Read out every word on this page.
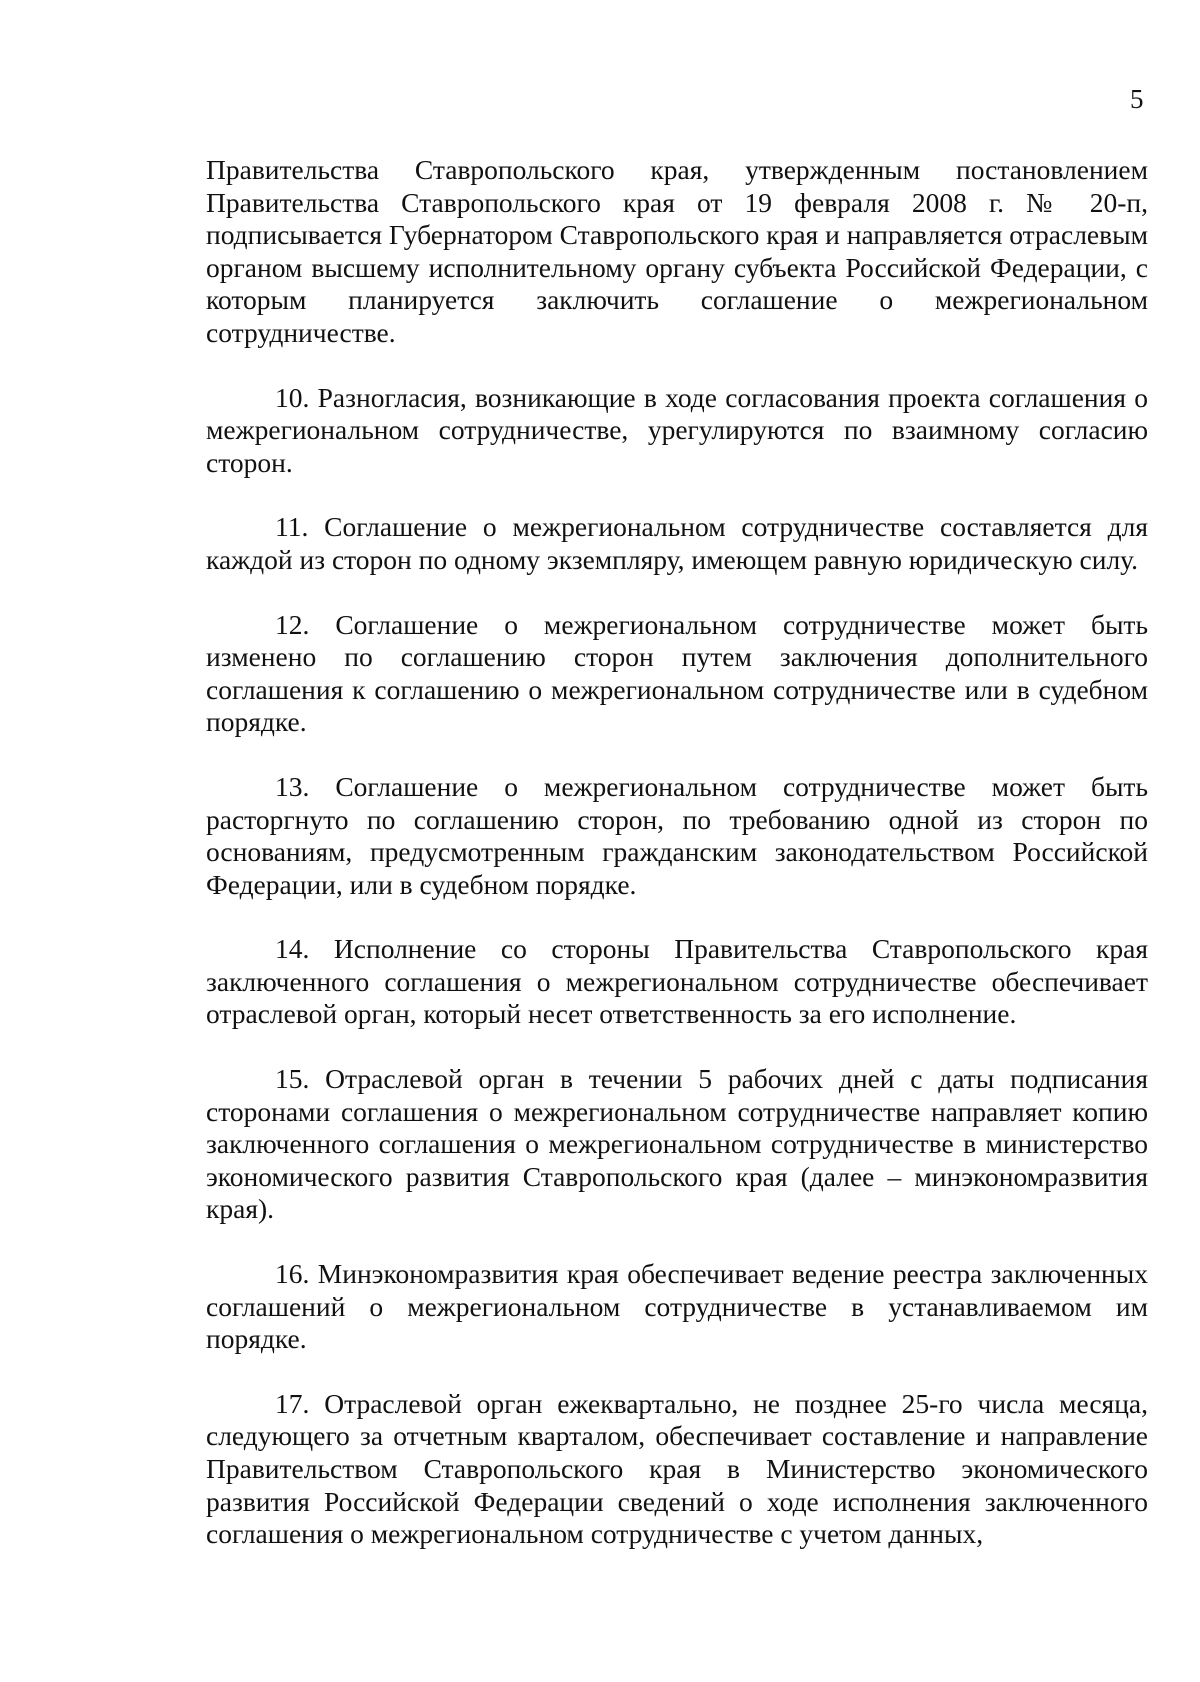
5

Правительства Ставропольского края, утвержденным постановлением Правительства Ставропольского края от 19 февраля 2008 г. № 20-п, подписывается Губернатором Ставропольского края и направляется отраслевым органом высшему исполнительному органу субъекта Российской Федерации, с которым планируется заключить соглашение о межрегиональном сотрудничестве.

10. Разногласия, возникающие в ходе согласования проекта соглашения о межрегиональном сотрудничестве, урегулируются по взаимному согласию сторон.

11. Соглашение о межрегиональном сотрудничестве составляется для каждой из сторон по одному экземпляру, имеющем равную юридическую силу.

12. Соглашение о межрегиональном сотрудничестве может быть изменено по соглашению сторон путем заключения дополнительного соглашения к соглашению о межрегиональном сотрудничестве или в судебном порядке.

13. Соглашение о межрегиональном сотрудничестве может быть расторгнуто по соглашению сторон, по требованию одной из сторон по основаниям, предусмотренным гражданским законодательством Российской Федерации, или в судебном порядке.

14. Исполнение со стороны Правительства Ставропольского края заключенного соглашения о межрегиональном сотрудничестве обеспечивает отраслевой орган, который несет ответственность за его исполнение.

15. Отраслевой орган в течении 5 рабочих дней с даты подписания сторонами соглашения о межрегиональном сотрудничестве направляет копию заключенного соглашения о межрегиональном сотрудничестве в министерство экономического развития Ставропольского края (далее – минэкономразвития края).

16. Минэкономразвития края обеспечивает ведение реестра заключенных соглашений о межрегиональном сотрудничестве в устанавливаемом им порядке.

17. Отраслевой орган ежеквартально, не позднее 25-го числа месяца, следующего за отчетным кварталом, обеспечивает составление и направление Правительством Ставропольского края в Министерство экономического развития Российской Федерации сведений о ходе исполнения заключенного соглашения о межрегиональном сотрудничестве с учетом данных,
